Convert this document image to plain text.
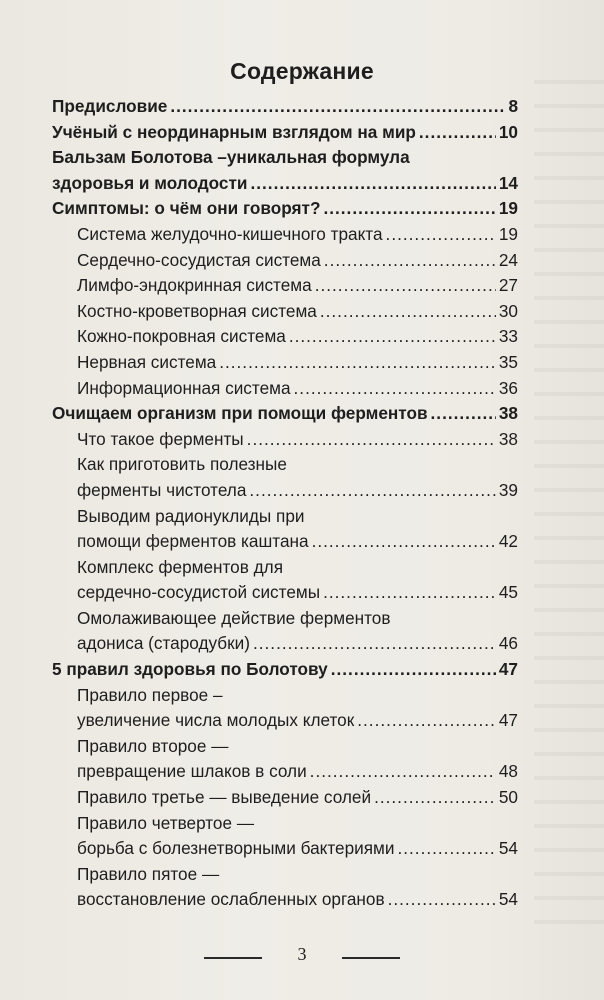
Содержание
Предисловие .....	8
Учёный с неординарным взглядом на мир .....	10
Бальзам Болотова –уникальная формула
здоровья и молодости .....	14
Симптомы: о чём они говорят? .....	19
Система желудочно-кишечного тракта .....	19
Сердечно-сосудистая система .....	24
Лимфо-эндокринная система .....	27
Костно-кроветворная система .....	30
Кожно-покровная система .....	33
Нервная система .....	35
Информационная система .....	36
Очищаем организм при помощи ферментов .....	38
Что такое ферменты .....	38
Как приготовить полезные
ферменты чистотела .....	39
Выводим радионуклиды при
помощи ферментов каштана .....	42
Комплекс ферментов для
сердечно-сосудистой системы .....	45
Омолаживающее действие ферментов
адониса (стародубки) .....	46
5 правил здоровья по Болотову .....	47
Правило первое –
увеличение числа молодых клеток .....	47
Правило второе —
превращение шлаков в соли .....	48
Правило третье — выведение солей .....	50
Правило четвертое —
борьба с болезнетворными бактериями .....	54
Правило пятое —
восстановление ослабленных органов .....	54
3
